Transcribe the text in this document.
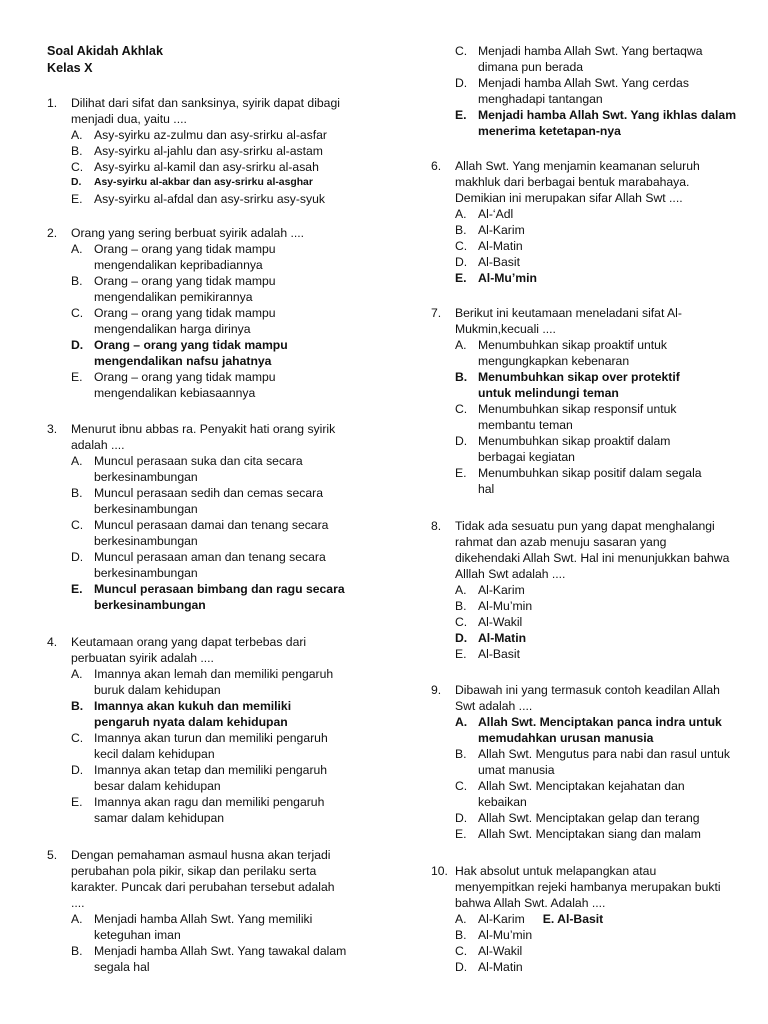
Soal Akidah Akhlak
Kelas X
1.	Dilihat dari sifat dan sanksinya, syirik dapat dibagi menjadi dua, yaitu ....
A. Asy-syirku az-zulmu dan asy-srirku al-asfar
B. Asy-syirku al-jahlu dan asy-srirku al-astam
C. Asy-syirku al-kamil dan asy-srirku al-asah
D.	Asy-syirku al-akbar dan asy-srirku al-asghar
E. Asy-syirku al-afdal dan asy-srirku asy-syuk
2.	Orang yang sering berbuat syirik adalah ....
A. Orang – orang yang tidak mampu mengendalikan kepribadiannya
B. Orang – orang yang tidak mampu mengendalikan pemikirannya
C. Orang – orang yang tidak mampu mengendalikan harga dirinya
D. Orang – orang yang tidak mampu mengendalikan nafsu jahatnya
E. Orang – orang yang tidak mampu mengendalikan kebiasaannya
3.	Menurut ibnu abbas ra. Penyakit hati orang syirik adalah ....
A. Muncul perasaan suka dan cita secara berkesinambungan
B. Muncul perasaan sedih dan cemas secara berkesinambungan
C. Muncul perasaan damai dan tenang secara berkesinambungan
D. Muncul perasaan aman dan tenang secara berkesinambungan
E. Muncul perasaan bimbang dan ragu secara berkesinambungan
4.	Keutamaan orang yang dapat terbebas dari perbuatan syirik adalah ....
A. Imannya akan lemah dan memiliki pengaruh buruk dalam kehidupan
B. Imannya akan kukuh dan memiliki pengaruh nyata dalam kehidupan
C. Imannya akan turun dan memiliki pengaruh kecil dalam kehidupan
D. Imannya akan tetap dan memiliki pengaruh besar dalam kehidupan
E. Imannya akan ragu dan memiliki pengaruh samar dalam kehidupan
5.	Dengan pemahaman asmaul husna akan terjadi perubahan pola pikir, sikap dan perilaku serta karakter. Puncak dari perubahan tersebut adalah ....
A. Menjadi hamba Allah Swt. Yang memiliki keteguhan iman
B. Menjadi hamba Allah Swt. Yang tawakal dalam segala hal
C. Menjadi hamba Allah Swt. Yang bertaqwa dimana pun berada
D. Menjadi hamba Allah Swt. Yang cerdas menghadapi tantangan
E. Menjadi hamba Allah Swt. Yang ikhlas dalam menerima ketetapan-nya
6.	Allah Swt. Yang menjamin keamanan seluruh makhluk dari berbagai bentuk marabahaya. Demikian ini merupakan sifar Allah Swt ....
A. Al-‘Adl
B. Al-Karim
C. Al-Matin
D. Al-Basit
E. Al-Mu’min
7.	Berikut ini keutamaan meneladani sifat Al-Mukmin,kecuali ....
A. Menumbuhkan sikap proaktif untuk mengungkapkan kebenaran
B. Menumbuhkan sikap over protektif untuk melindungi teman
C. Menumbuhkan sikap responsif untuk membantu teman
D. Menumbuhkan sikap proaktif dalam berbagai kegiatan
E. Menumbuhkan sikap positif dalam segala hal
8.	Tidak ada sesuatu pun yang dapat menghalangi rahmat dan azab menuju sasaran yang dikehendaki Allah Swt. Hal ini menunjukkan bahwa Alllah Swt adalah ....
A. Al-Karim
B. Al-Mu’min
C. Al-Wakil
D. Al-Matin
E. Al-Basit
9.	Dibawah ini yang termasuk contoh keadilan Allah Swt adalah ....
A. Allah Swt. Menciptakan panca indra untuk memudahkan urusan manusia
B. Allah Swt. Mengutus para nabi dan rasul untuk umat manusia
C. Allah Swt. Menciptakan kejahatan dan kebaikan
D. Allah Swt. Menciptakan gelap dan terang
E. Allah Swt. Menciptakan siang dan malam
10. Hak absolut untuk melapangkan atau menyempitkan rejeki hambanya merupakan bukti bahwa Allah Swt. Adalah ....
A. Al-Karim E. Al-Basit
B. Al-Mu’min
C. Al-Wakil
D. Al-Matin
